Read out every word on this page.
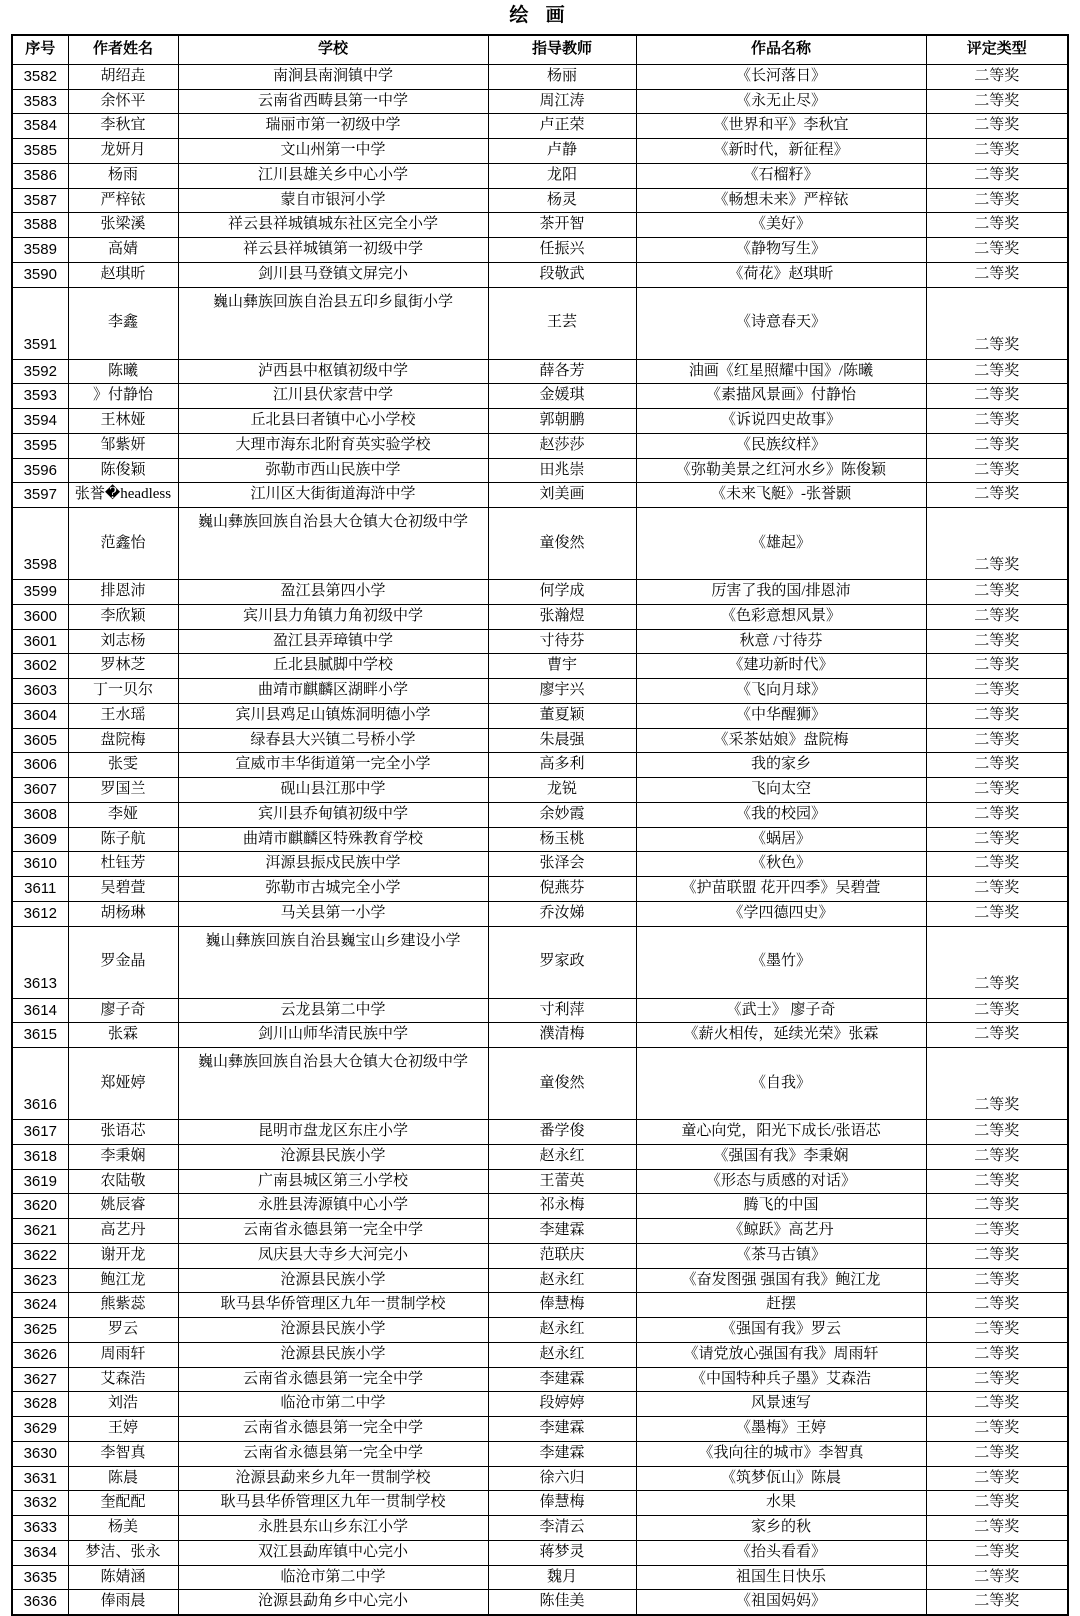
绘 画
序号	作者姓名	学校	指导教师	作品名称	评定类型
3582	胡绍垚	南涧县南涧镇中学	杨丽	《长河落日》	二等奖
3583	余怀平	云南省西畴县第一中学	周江涛	《永无止尽》	二等奖
3584	李秋宜	瑞丽市第一初级中学	卢正荣	《世界和平》李秋宜	二等奖
3585	龙妍月	文山州第一中学	卢静	《新时代，新征程》	二等奖
3586	杨雨	江川县雄关乡中心小学	龙阳	《石榴籽》	二等奖
3587	严梓铱	蒙自市银河小学	杨灵	《畅想未来》严梓铱	二等奖
3588	张梁溪	祥云县祥城镇城东社区完全小学	茶开智	《美好》	二等奖
3589	高婧	祥云县祥城镇第一初级中学	任振兴	《静物写生》	二等奖
3590	赵琪昕	剑川县马登镇文屏完小	段敬武	《荷花》赵琪昕	二等奖
3591	李鑫	巍山彝族回族自治县五印乡鼠街小学	王芸	《诗意春天》	二等奖
3592	陈曦	泸西县中枢镇初级中学	薛各芳	油画《红星照耀中国》/陈曦	二等奖
3593	》付静怡	江川县伏家营中学	金媛琪	《素描风景画》付静怡	二等奖
3594	王林娅	丘北县曰者镇中心小学校	郭朝鹏	《诉说四史故事》	二等奖
3595	邹紫妍	大理市海东北附育英实验学校	赵莎莎	《民族纹样》	二等奖
3596	陈俊颖	弥勒市西山民族中学	田兆崇	《弥勒美景之红河水乡》陈俊颖	二等奖
3597	张誉�headless	江川区大街街道海浒中学	刘美画	《未来飞艇》-张誉颢	二等奖
3598	范鑫怡	巍山彝族回族自治县大仓镇大仓初级中学	童俊然	《雄起》	二等奖
3599	排恩沛	盈江县第四小学	何学成	厉害了我的国/排恩沛	二等奖
3600	李欣颖	宾川县力角镇力角初级中学	张瀚煜	《色彩意想风景》	二等奖
3601	刘志杨	盈江县弄璋镇中学	寸待芬	秋意 /寸待芬	二等奖
3602	罗林芝	丘北县腻脚中学校	曹宇	《建功新时代》	二等奖
3603	丁一贝尔	曲靖市麒麟区湖畔小学	廖宇兴	《飞向月球》	二等奖
3604	王水瑶	宾川县鸡足山镇炼洞明德小学	董夏颖	《中华醒狮》	二等奖
3605	盘院梅	绿春县大兴镇二号桥小学	朱晨强	《采茶姑娘》盘院梅	二等奖
3606	张雯	宣威市丰华街道第一完全小学	高多利	我的家乡	二等奖
3607	罗国兰	砚山县江那中学	龙锐	飞向太空	二等奖
3608	李娅	宾川县乔甸镇初级中学	余妙霞	《我的校园》	二等奖
3609	陈子航	曲靖市麒麟区特殊教育学校	杨玉桃	《蜗居》	二等奖
3610	杜钰芳	洱源县振戍民族中学	张泽会	《秋色》	二等奖
3611	吴碧萱	弥勒市古城完全小学	倪燕芬	《护苗联盟 花开四季》吴碧萱	二等奖
3612	胡杨琳	马关县第一小学	乔汝娣	《学四德四史》	二等奖
3613	罗金晶	巍山彝族回族自治县巍宝山乡建设小学	罗家政	《墨竹》	二等奖
3614	廖子奇	云龙县第二中学	寸利萍	《武士》 廖子奇	二等奖
3615	张霖	剑川山师华清民族中学	濮清梅	《薪火相传，延续光荣》张霖	二等奖
3616	郑娅婷	巍山彝族回族自治县大仓镇大仓初级中学	童俊然	《自我》	二等奖
3617	张语芯	昆明市盘龙区东庄小学	番学俊	童心向党，阳光下成长/张语芯	二等奖
3618	李秉娴	沧源县民族小学	赵永红	《强国有我》李秉娴	二等奖
3619	农陆敬	广南县城区第三小学校	王蕾英	《形态与质感的对话》	二等奖
3620	姚辰睿	永胜县涛源镇中心小学	祁永梅	腾飞的中国	二等奖
3621	高艺丹	云南省永德县第一完全中学	李建霖	《鲸跃》高艺丹	二等奖
3622	谢开龙	凤庆县大寺乡大河完小	范联庆	《茶马古镇》	二等奖
3623	鲍江龙	沧源县民族小学	赵永红	《奋发图强 强国有我》鲍江龙	二等奖
3624	熊紫蕊	耿马县华侨管理区九年一贯制学校	俸慧梅	赶摆	二等奖
3625	罗云	沧源县民族小学	赵永红	《强国有我》罗云	二等奖
3626	周雨轩	沧源县民族小学	赵永红	《请党放心强国有我》周雨轩	二等奖
3627	艾森浩	云南省永德县第一完全中学	李建霖	《中国特种兵子墨》艾森浩	二等奖
3628	刘浩	临沧市第二中学	段婷婷	风景速写	二等奖
3629	王婷	云南省永德县第一完全中学	李建霖	《墨梅》王婷	二等奖
3630	李智真	云南省永德县第一完全中学	李建霖	《我向往的城市》李智真	二等奖
3631	陈晨	沧源县勐来乡九年一贯制学校	徐六归	《筑梦佤山》陈晨	二等奖
3632	奎配配	耿马县华侨管理区九年一贯制学校	俸慧梅	水果	二等奖
3633	杨美	永胜县东山乡东江小学	李清云	家乡的秋	二等奖
3634	梦洁、张永	双江县勐库镇中心完小	蒋梦灵	《抬头看看》	二等奖
3635	陈婧涵	临沧市第二中学	魏月	祖国生日快乐	二等奖
3636	俸雨晨	沧源县勐角乡中心完小	陈佳美	《祖国妈妈》	二等奖
